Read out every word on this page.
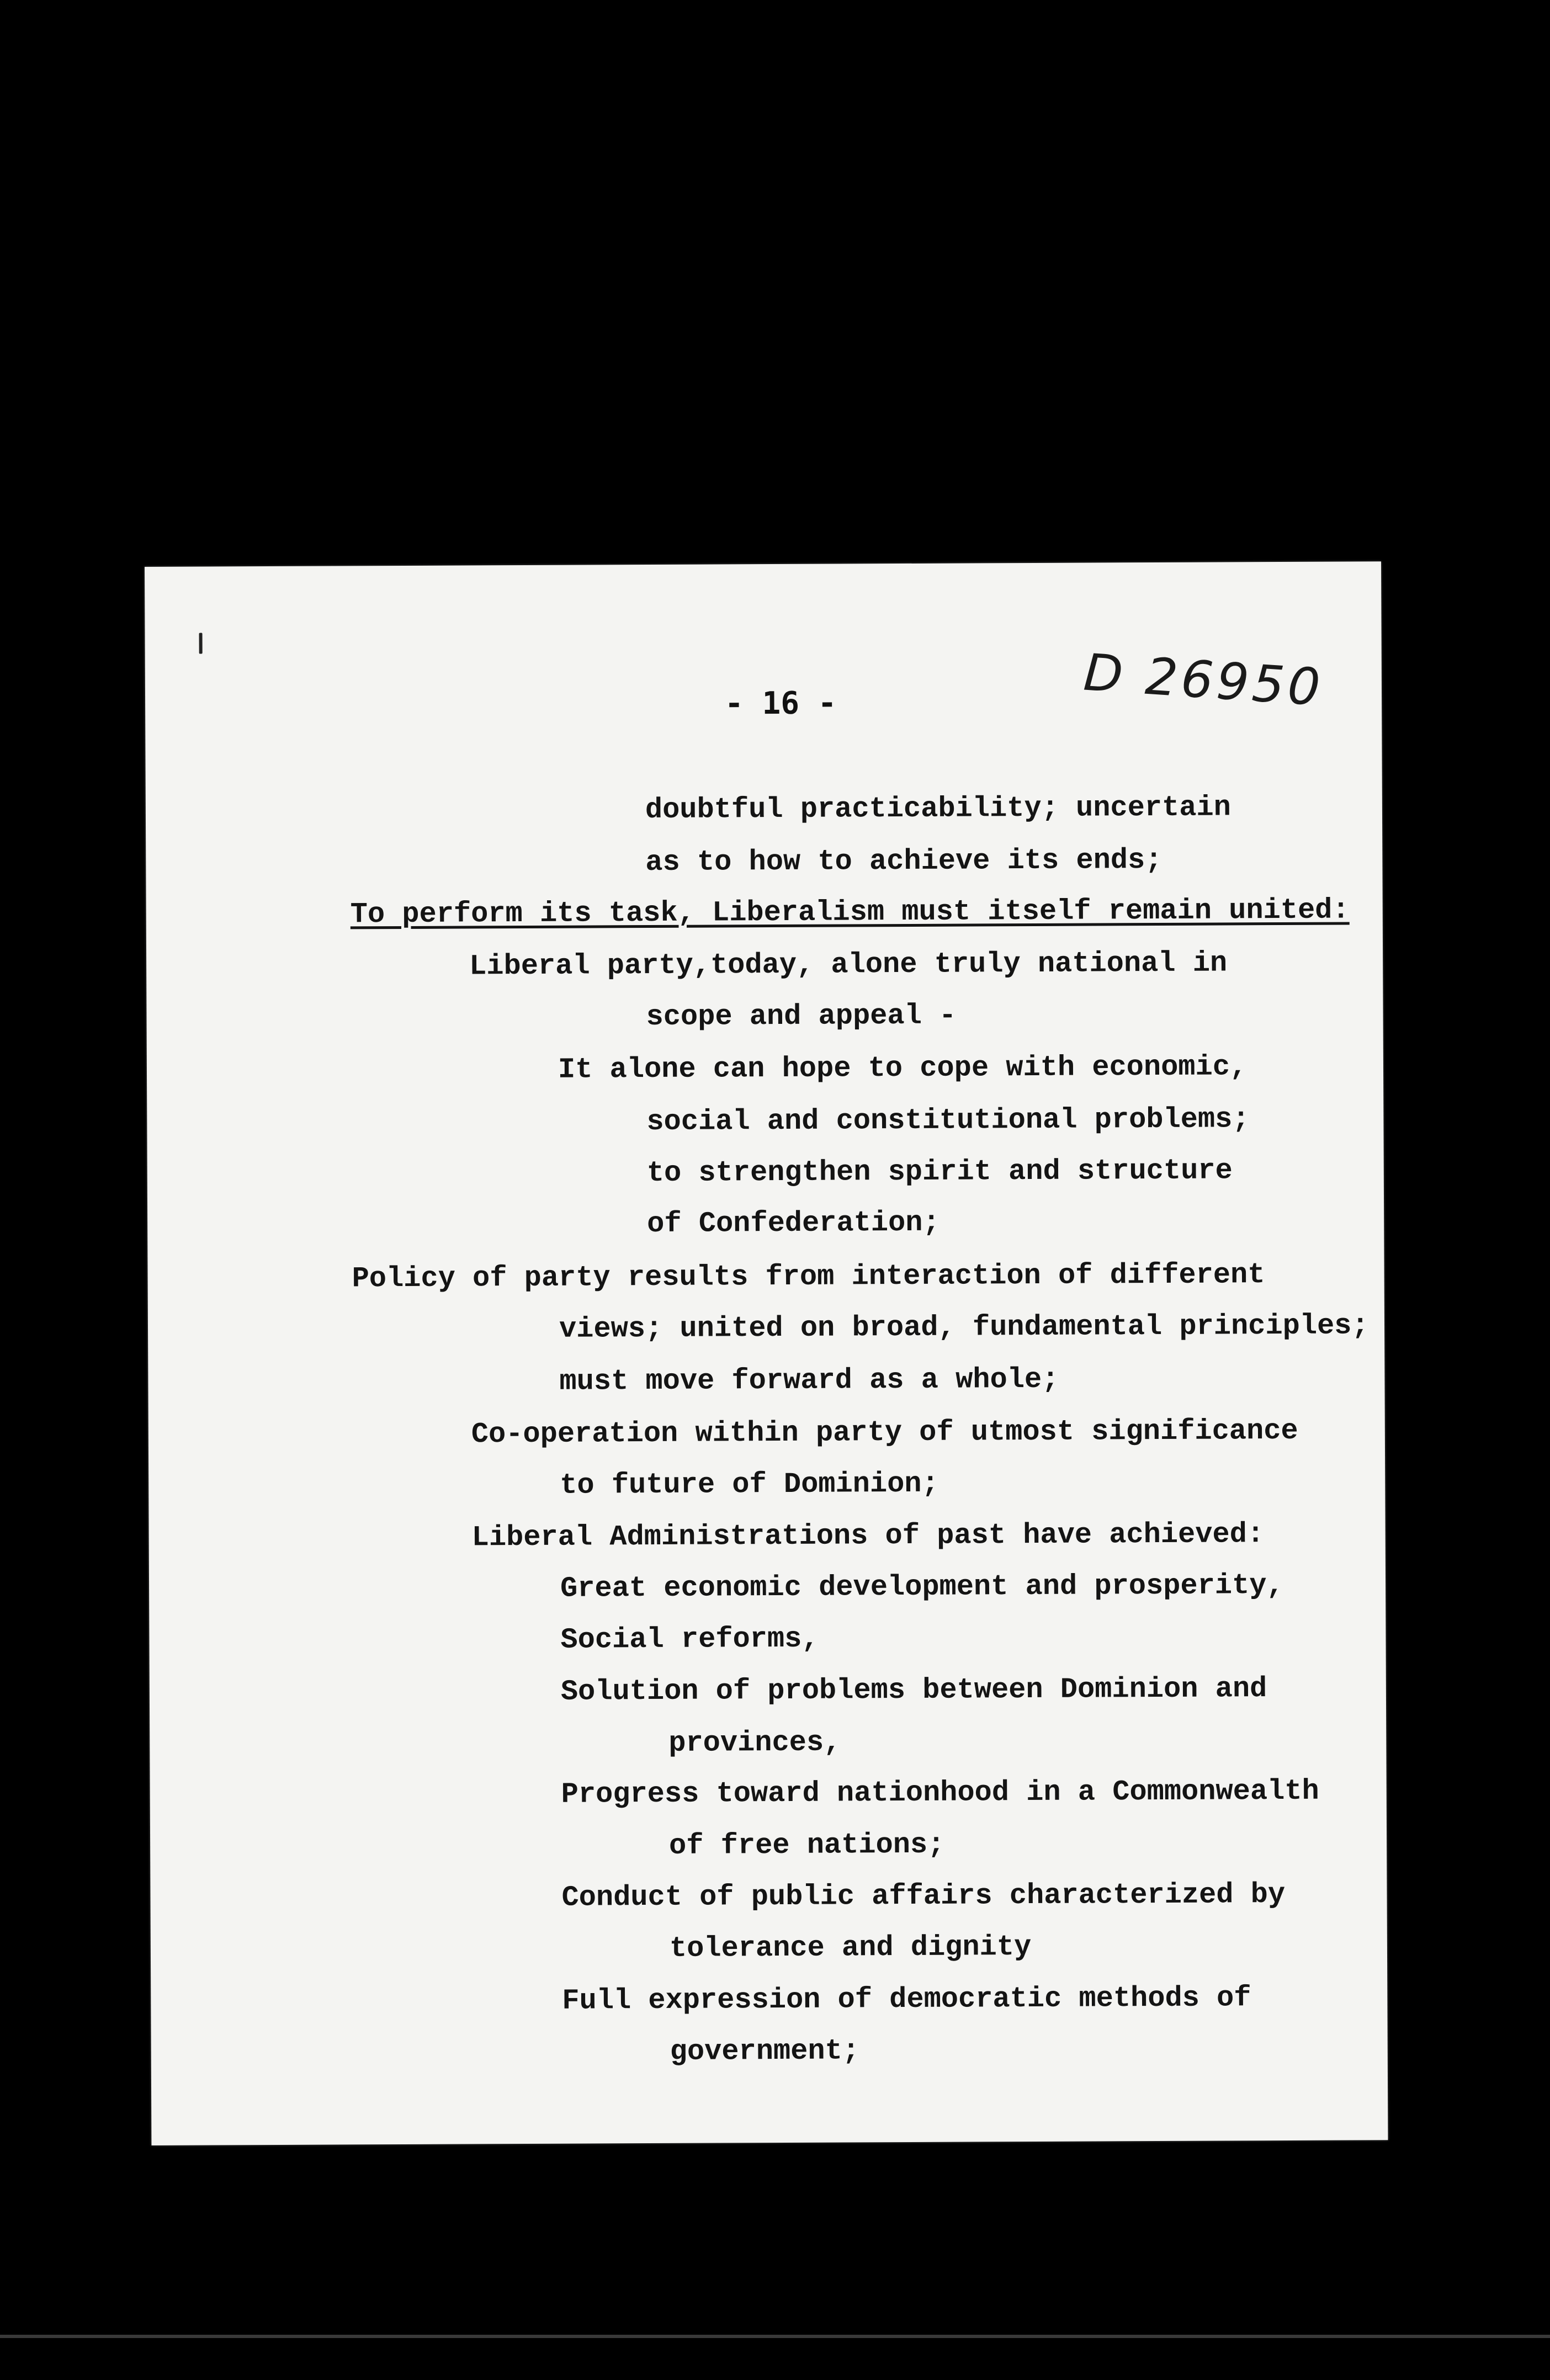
- 16 -	D 26950
doubtful practicability; uncertain
as to how to achieve its ends;
To perform its task, Liberalism must itself remain united:
Liberal party,today, alone truly national in
scope and appeal -
It alone can hope to cope with economic,
social and constitutional problems;
to strengthen spirit and structure
of Confederation;
Policy of party results from interaction of different
views; united on broad, fundamental principles;
must move forward as a whole;
Co-operation within party of utmost significance
to future of Dominion;
Liberal Administrations of past have achieved:
Great economic development and prosperity,
Social reforms,
Solution of problems between Dominion and
provinces,
Progress toward nationhood in a Commonwealth
of free nations;
Conduct of public affairs characterized by
tolerance and dignity
Full expression of democratic methods of
government;
